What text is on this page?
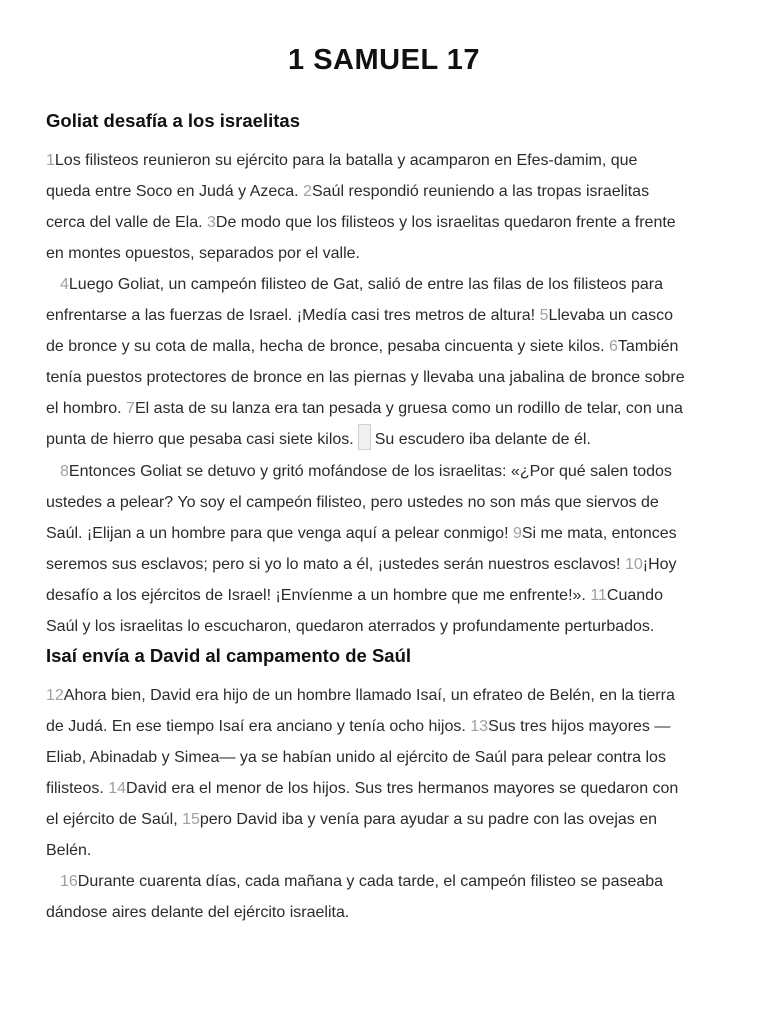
1 SAMUEL 17
Goliat desafía a los israelitas
1Los filisteos reunieron su ejército para la batalla y acamparon en Efes-damim, que
queda entre Soco en Judá y Azeca. 2Saúl respondió reuniendo a las tropas israelitas
cerca del valle de Ela. 3De modo que los filisteos y los israelitas quedaron frente a frente
en montes opuestos, separados por el valle.
4Luego Goliat, un campeón filisteo de Gat, salió de entre las filas de los filisteos para
enfrentarse a las fuerzas de Israel. ¡Medía casi tres metros de altura! 5Llevaba un casco
de bronce y su cota de malla, hecha de bronce, pesaba cincuenta y siete kilos. 6También
tenía puestos protectores de bronce en las piernas y llevaba una jabalina de bronce sobre
el hombro. 7El asta de su lanza era tan pesada y gruesa como un rodillo de telar, con una
punta de hierro que pesaba casi siete kilos. Su escudero iba delante de él.
8Entonces Goliat se detuvo y gritó mofándose de los israelitas: «¿Por qué salen todos
ustedes a pelear? Yo soy el campeón filisteo, pero ustedes no son más que siervos de
Saúl. ¡Elijan a un hombre para que venga aquí a pelear conmigo! 9Si me mata, entonces
seremos sus esclavos; pero si yo lo mato a él, ¡ustedes serán nuestros esclavos! 10¡Hoy
desafío a los ejércitos de Israel! ¡Envíenme a un hombre que me enfrente!». 11Cuando
Saúl y los israelitas lo escucharon, quedaron aterrados y profundamente perturbados.
Isaí envía a David al campamento de Saúl
12Ahora bien, David era hijo de un hombre llamado Isaí, un efrateo de Belén, en la tierra
de Judá. En ese tiempo Isaí era anciano y tenía ocho hijos. 13Sus tres hijos mayores —
Eliab, Abinadab y Simea— ya se habían unido al ejército de Saúl para pelear contra los
filisteos. 14David era el menor de los hijos. Sus tres hermanos mayores se quedaron con
el ejército de Saúl, 15pero David iba y venía para ayudar a su padre con las ovejas en
Belén.
16Durante cuarenta días, cada mañana y cada tarde, el campeón filisteo se paseaba
dándose aires delante del ejército israelita.
